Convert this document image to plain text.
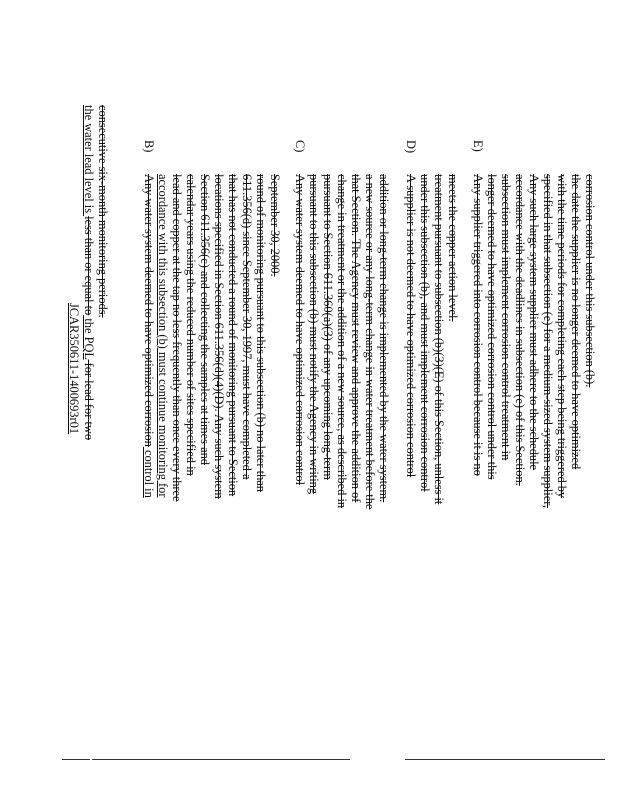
JCAR350611-1400693r01
the water lead level is less than or equal to the PQL for lead for two
consecutive six-month monitoring periods.	B)
Any water system deemed to have optimized corrosion control in accordance with this subsection (b) must continue monitoring for lead and copper at the tap no less frequently than once every three calendar years using the reduced number of sites specified in Section 611.356(c) and collecting the samples at times and locations specified in Section 611.356(d)(4)(D). Any such system that has not conducted a round of monitoring pursuant to Section 611.356(d) since September 30, 1997, must have completed a round of monitoring pursuant to this subsection (b) no later than September 30, 2000.
C)
Any water system deemed to have optimized corrosion control pursuant to this subsection (b) must notify the Agency in writing pursuant to Section 611.360(a)(3) of any upcoming long-term change in treatment or the addition of a new source, as described in that Section. The Agency must review and approve the addition of a new source or any long-term change in water treatment before the addition or long-term change is implemented by the water system.
D)
A supplier is not deemed to have optimized corrosion control under this subsection (b), and must implement corrosion control treatment pursuant to subsection (b)(3)(E) of this Section, unless it meets the copper action level.
E)
Any supplier triggered into corrosion control because it is no longer deemed to have optimized corrosion control under this subsection must implement corrosion control treatment in accordance with the deadlines in subsection (e) of this Section. Any such large system supplier must adhere to the schedule specified in that subsection (e) for a medium-sized system supplier, with the time periods for completing each step being triggered by the date the supplier is no longer deemed to have optimized corrosion control under this subsection (b).
